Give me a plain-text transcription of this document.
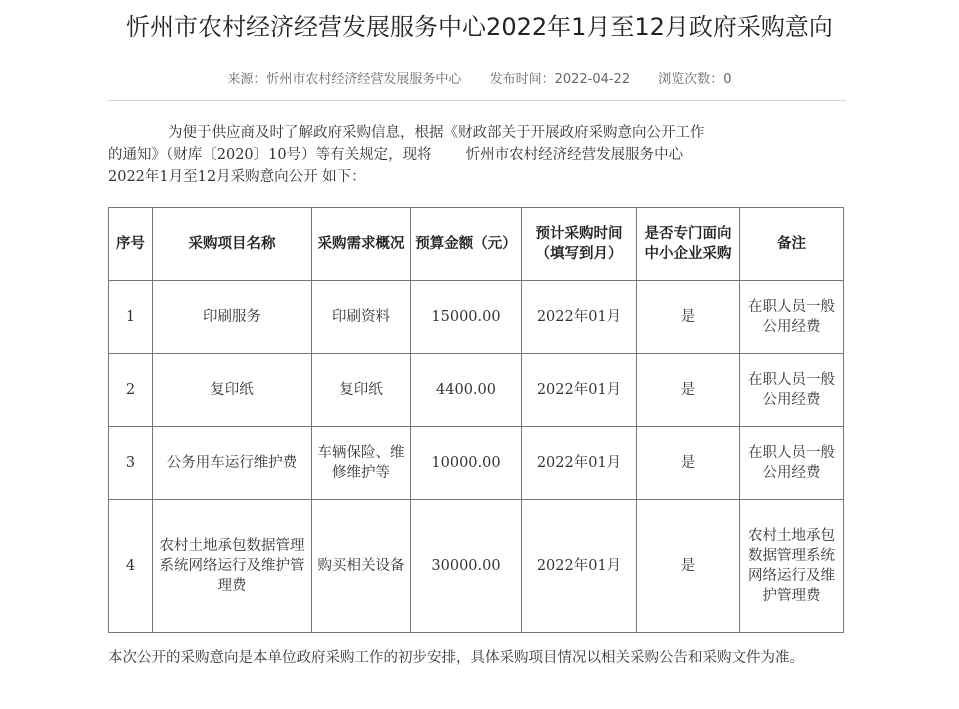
忻州市农村经济经营发展服务中心2022年1月至12月政府采购意向
来源：忻州市农村经济经营发展服务中心 发布时间：2022-04-22 浏览次数：0

为便于供应商及时了解政府采购信息，根据《财政部关于开展政府采购意向公开工作

的通知》（财库〔2020〕10号）等有关规定，现将 忻州市农村经济经营发展服务中心

2022年1月至12月采购意向公开 如下：

序号	采购项目名称	采购需求概况	预算金额（元）	预计采购时间（填写到月）	是否专门面向中小企业采购	备注
1	印刷服务	印刷资料	15000.00	2022年01月	是	在职人员一般公用经费
2	复印纸	复印纸	4400.00	2022年01月	是	在职人员一般公用经费
3	公务用车运行维护费	车辆保险、维修维护等	10000.00	2022年01月	是	在职人员一般公用经费
4	农村土地承包数据管理系统网络运行及维护管理费	购买相关设备	30000.00	2022年01月	是	农村土地承包数据管理系统网络运行及维护管理费

本次公开的采购意向是本单位政府采购工作的初步安排，具体采购项目情况以相关采购公告和采购文件为准。
